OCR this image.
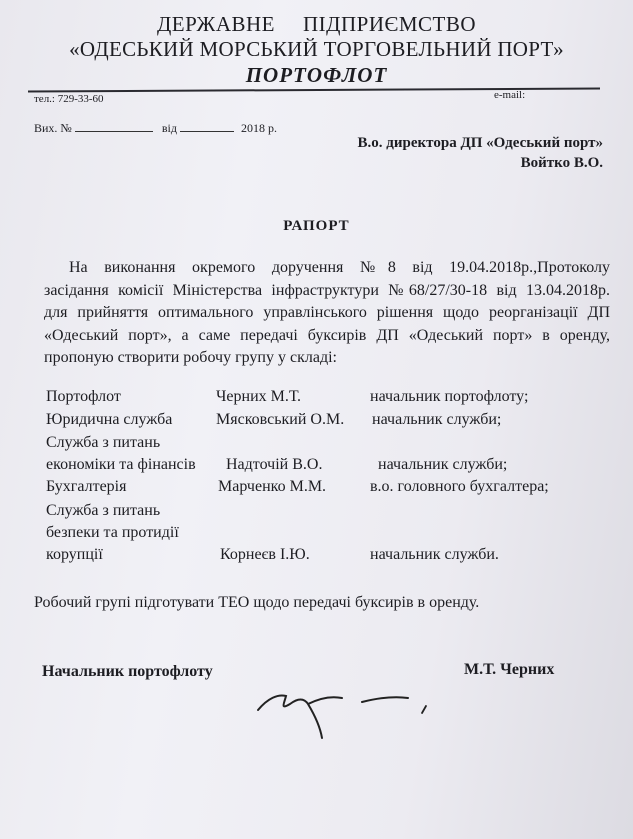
ДЕРЖАВНЕ ПІДПРИЄМСТВО
«ОДЕСЬКИЙ МОРСЬКИЙ ТОРГОВЕЛЬНИЙ ПОРТ»
ПОРТОФЛОТ
тел.: 729-33-60	e-mail:
Вих. №	від	2018 р.
В.о. директора ДП «Одеський порт»
Войтко В.О.
РАПОРТ
На виконання окремого доручення №8 від 19.04.2018р.,Протоколу
засідання комісії Міністерства інфраструктури №68/27/30-18 від 13.04.2018р.
для прийняття оптимального управлінського рішення щодо реорганізації ДП
«Одеський порт», а саме передачі буксирів ДП «Одеський порт» в оренду,
пропоную створити робочу групу у складі:
Портофлот	Черних М.Т.	начальник портофлоту;
Юридична служба	Мясковський О.М. начальник служби;
Служба з питань
економіки та фінансів Надточій В.О.	начальник служби;
Бухгалтерія	Марченко М.М.	в.о. головного бухгалтера;
Служба з питань
безпеки та протидії
корупції	Корнеєв І.Ю.	начальник служби.
Робочий групі підготувати ТЕО щодо передачі буксирів в оренду.
Начальник портофлоту	М.Т. Черних
